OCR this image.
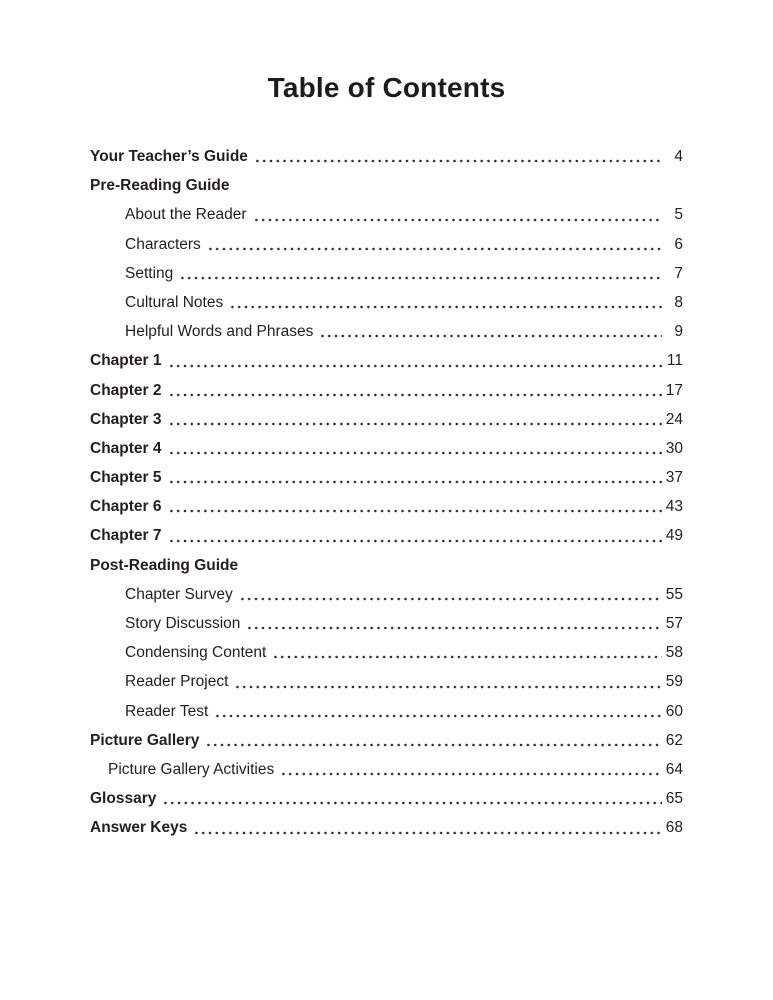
Table of Contents
Your Teacher’s Guide	4
Pre-Reading Guide
About the Reader	5
Characters	6
Setting	7
Cultural Notes	8
Helpful Words and Phrases	9
Chapter 1	11
Chapter 2	17
Chapter 3	24
Chapter 4	30
Chapter 5	37
Chapter 6	43
Chapter 7	49
Post-Reading Guide
Chapter Survey	55
Story Discussion	57
Condensing Content	58
Reader Project	59
Reader Test	60
Picture Gallery	62
Picture Gallery Activities	64
Glossary	65
Answer Keys	68
